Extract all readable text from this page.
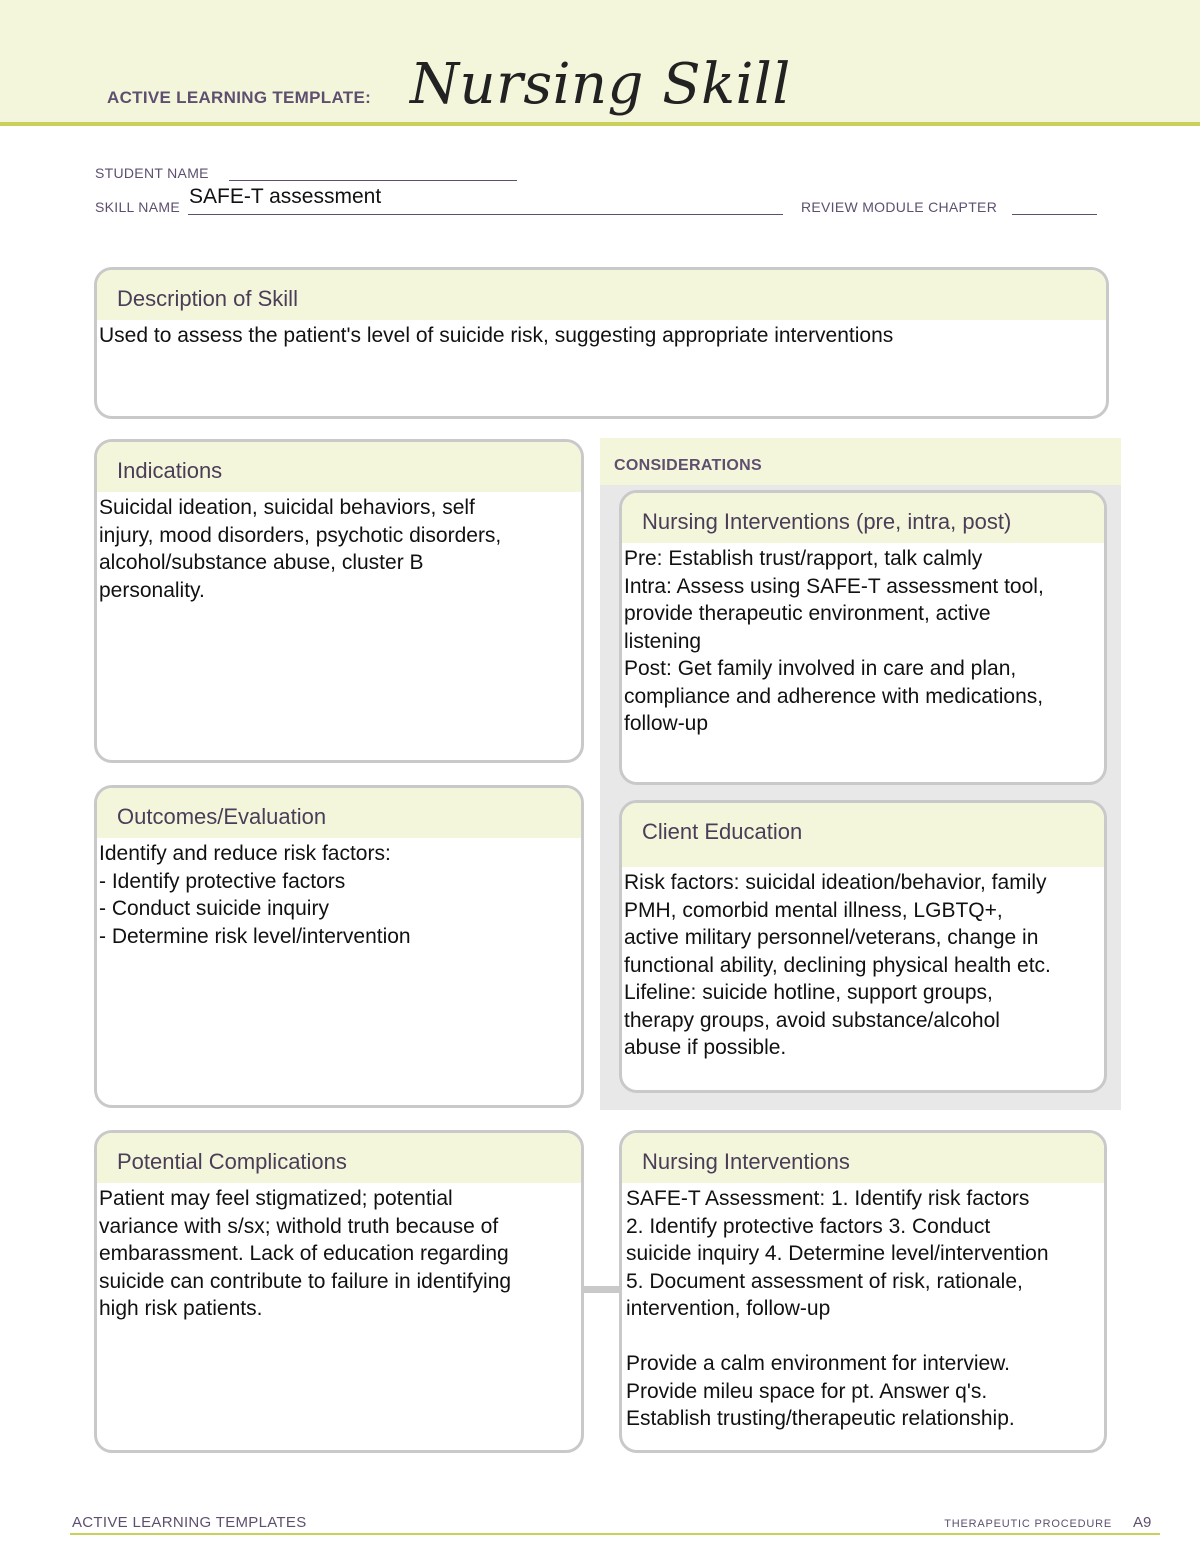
ACTIVE LEARNING TEMPLATE: Nursing Skill
STUDENT NAME
SKILL NAME SAFE-T assessment	REVIEW MODULE CHAPTER
Description of Skill
Used to assess the patient's level of suicide risk, suggesting appropriate interventions
Indications
Suicidal ideation, suicidal behaviors, self
injury, mood disorders, psychotic disorders,
alcohol/substance abuse, cluster B
personality.
CONSIDERATIONS
Nursing Interventions (pre, intra, post)
Pre: Establish trust/rapport, talk calmly
Intra: Assess using SAFE-T assessment tool,
provide therapeutic environment, active
listening
Post: Get family involved in care and plan,
compliance and adherence with medications,
follow-up
Outcomes/Evaluation
Identify and reduce risk factors:
- Identify protective factors
- Conduct suicide inquiry
- Determine risk level/intervention
Client Education
Risk factors: suicidal ideation/behavior, family
PMH, comorbid mental illness, LGBTQ+,
active military personnel/veterans, change in
functional ability, declining physical health etc.
Lifeline: suicide hotline, support groups,
therapy groups, avoid substance/alcohol
abuse if possible.
Potential Complications
Patient may feel stigmatized; potential
variance with s/sx; withold truth because of
embarassment. Lack of education regarding
suicide can contribute to failure in identifying
high risk patients.
Nursing Interventions
SAFE-T Assessment: 1. Identify risk factors
2. Identify protective factors 3. Conduct
suicide inquiry 4. Determine level/intervention
5. Document assessment of risk, rationale,
intervention, follow-up

Provide a calm environment for interview.
Provide mileu space for pt. Answer q's.
Establish trusting/therapeutic relationship.
ACTIVE LEARNING TEMPLATES	THERAPEUTIC PROCEDURE A9
